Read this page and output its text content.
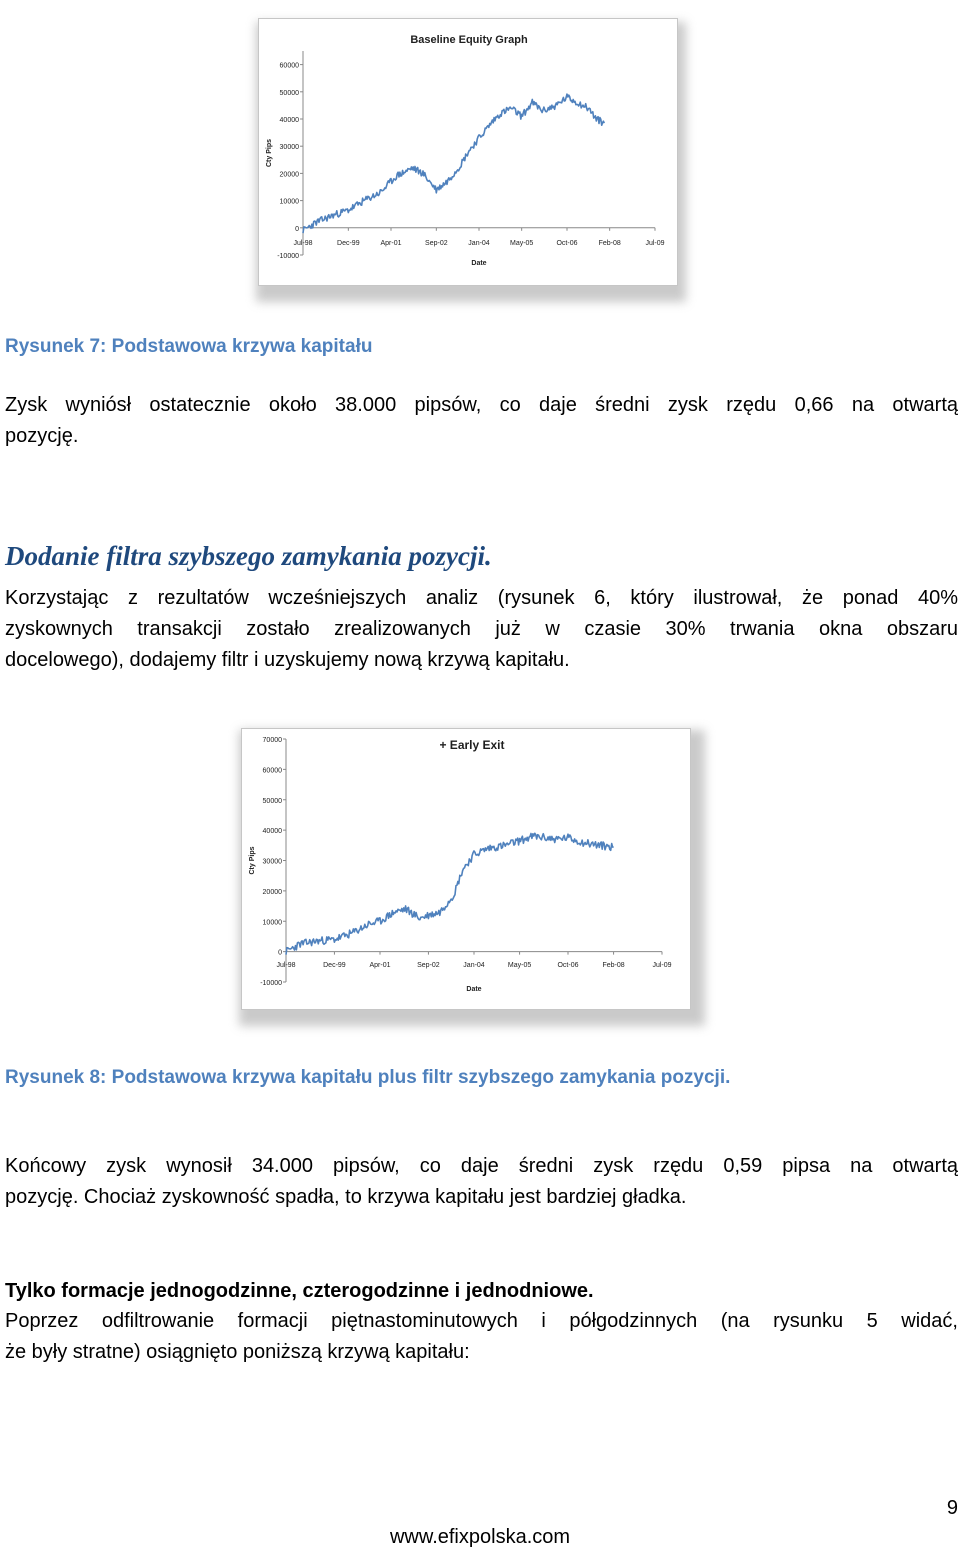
Baseline Equity Graph
60000
50000
40000
30000
20000
10000
0
-10000
Jul-98	Dec-99	Apr-01	Sep-02	Jan-04	May-05	Oct-06	Feb-08	Jul-09
Date
Cty Pips
Rysunek 7: Podstawowa krzywa kapitału
Zysk wyniósł ostatecznie około 38.000 pipsów, co daje średni zysk rzędu 0,66 na otwartą
pozycję.
Dodanie filtra szybszego zamykania pozycji.
Korzystając z rezultatów wcześniejszych analiz (rysunek 6, który ilustrował, że ponad 40%
zyskownych transakcji zostało zrealizowanych już w czasie 30% trwania okna obszaru
docelowego), dodajemy filtr i uzyskujemy nową krzywą kapitału.
+ Early Exit
70000
60000
50000
40000
30000
20000
10000
0
-10000
Jul-98	Dec-99	Apr-01	Sep-02	Jan-04	May-05	Oct-06	Feb-08	Jul-09
Date
Cty Pips
Rysunek 8: Podstawowa krzywa kapitału plus filtr szybszego zamykania pozycji.
Końcowy zysk wynosił 34.000 pipsów, co daje średni zysk rzędu 0,59 pipsa na otwartą
pozycję. Chociaż zyskowność spadła, to krzywa kapitału jest bardziej gładka.
Tylko formacje jednogodzinne, czterogodzinne i jednodniowe.
Poprzez odfiltrowanie formacji piętnastominutowych i półgodzinnych (na rysunku 5 widać,
że były stratne) osiągnięto poniższą krzywą kapitału:
9
www.efixpolska.com
